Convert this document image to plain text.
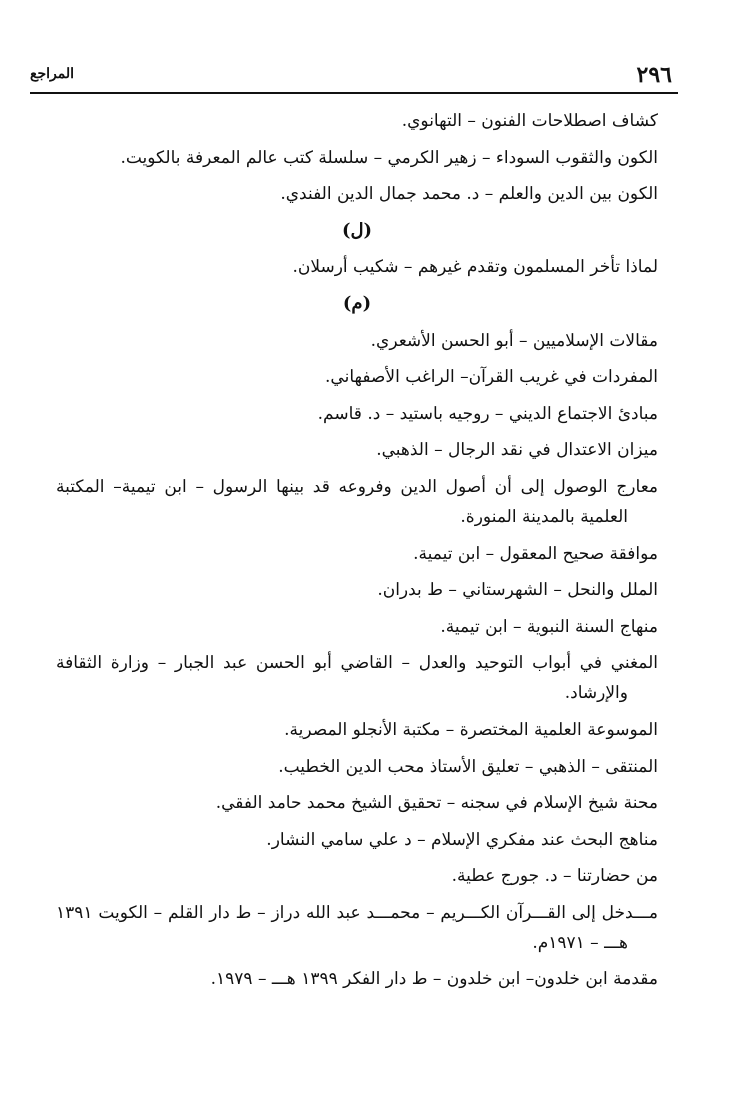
٢٩٦
المراجع

كشاف اصطلاحات الفنون – التهانوي.

الكون والثقوب السوداء – زهير الكرمي – سلسلة كتب عالم المعرفة بالكويت.

الكون بين الدين والعلم – د. محمد جمال الدين الفندي.

(ل)

لماذا تأخر المسلمون وتقدم غيرهم – شكيب أرسلان.

(م)

مقالات الإسلاميين – أبو الحسن الأشعري.

المفردات في غريب القرآن– الراغب الأصفهاني.

مبادئ الاجتماع الديني – روجيه باستيد – د. قاسم.

ميزان الاعتدال في نقد الرجال – الذهبي.

معارج الوصول إلى أن أصول الدين وفروعه قد بينها الرسول – ابن تيمية– المكتبة العلمية بالمدينة المنورة.

موافقة صحيح المعقول – ابن تيمية.

الملل والنحل – الشهرستاني – ط بدران.

منهاج السنة النبوية – ابن تيمية.

المغني في أبواب التوحيد والعدل – القاضي أبو الحسن عبد الجبار – وزارة الثقافة والإرشاد.

الموسوعة العلمية المختصرة – مكتبة الأنجلو المصرية.

المنتقى – الذهبي – تعليق الأستاذ محب الدين الخطيب.

محنة شيخ الإسلام في سجنه – تحقيق الشيخ محمد حامد الفقي.

مناهج البحث عند مفكري الإسلام – د علي سامي النشار.

من حضارتنا – د. جورج عطية.

مـــدخل إلى القـــرآن الكـــريم – محمـــد عبد الله دراز – ط دار القلم – الكويت ١٣٩١ هـــ – ١٩٧١م.

مقدمة ابن خلدون– ابن خلدون – ط دار الفكر ١٣٩٩ هـــ – ١٩٧٩.
